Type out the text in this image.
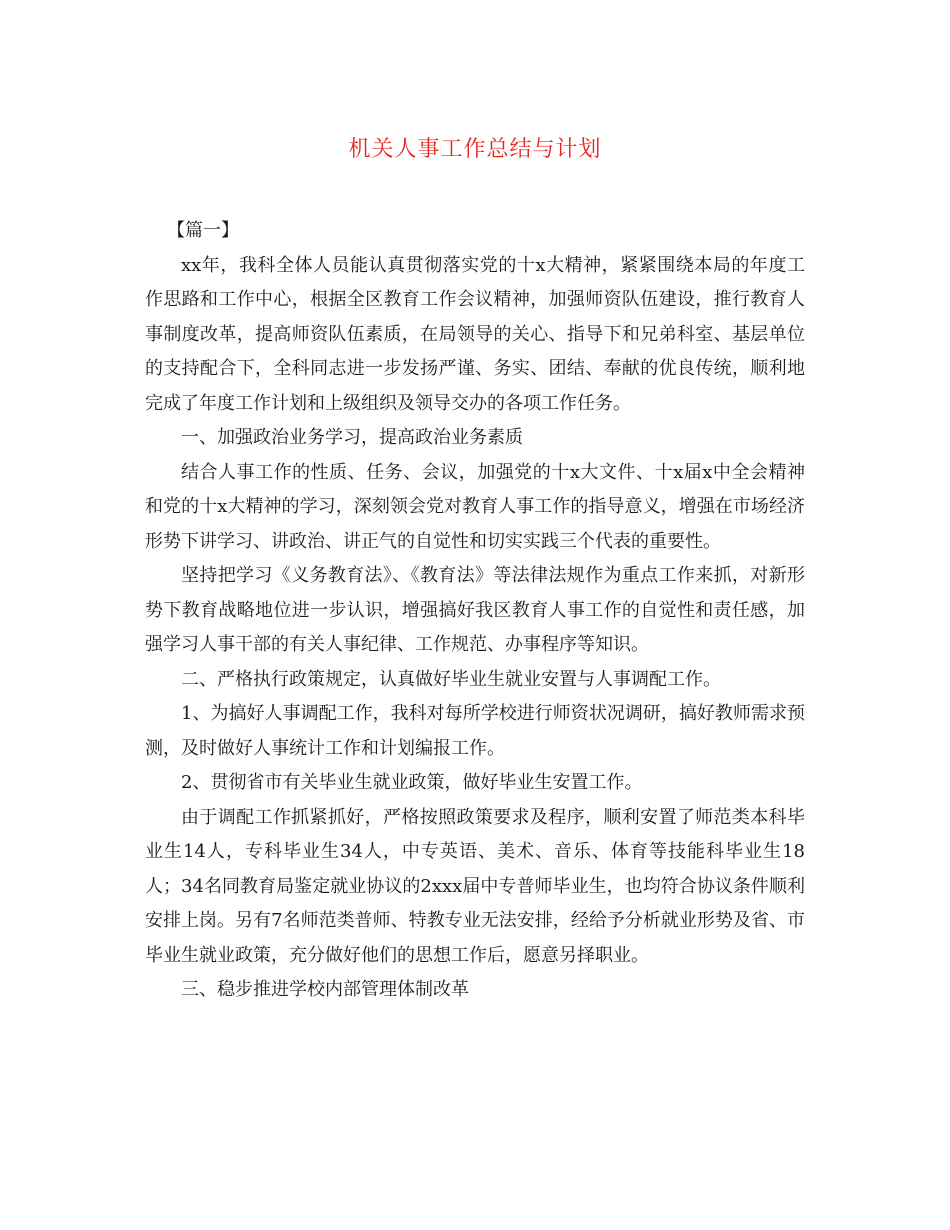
机关人事工作总结与计划

【篇一】

xx年，我科全体人员能认真贯彻落实党的十x大精神，紧紧围绕本局的年度工作思路和工作中心，根据全区教育工作会议精神，加强师资队伍建设，推行教育人事制度改革，提高师资队伍素质，在局领导的关心、指导下和兄弟科室、基层单位的支持配合下，全科同志进一步发扬严谨、务实、团结、奉献的优良传统，顺利地完成了年度工作计划和上级组织及领导交办的各项工作任务。

一、加强政治业务学习，提高政治业务素质

结合人事工作的性质、任务、会议，加强党的十x大文件、十x届x中全会精神和党的十x大精神的学习，深刻领会党对教育人事工作的指导意义，增强在市场经济形势下讲学习、讲政治、讲正气的自觉性和切实实践三个代表的重要性。

坚持把学习《义务教育法》、《教育法》等法律法规作为重点工作来抓，对新形势下教育战略地位进一步认识，增强搞好我区教育人事工作的自觉性和责任感，加强学习人事干部的有关人事纪律、工作规范、办事程序等知识。

二、严格执行政策规定，认真做好毕业生就业安置与人事调配工作。

1、为搞好人事调配工作，我科对每所学校进行师资状况调研，搞好教师需求预测，及时做好人事统计工作和计划编报工作。

2、贯彻省市有关毕业生就业政策，做好毕业生安置工作。

由于调配工作抓紧抓好，严格按照政策要求及程序，顺利安置了师范类本科毕业生14人，专科毕业生34人，中专英语、美术、音乐、体育等技能科毕业生18人；34名同教育局鉴定就业协议的2xxx届中专普师毕业生，也均符合协议条件顺利安排上岗。另有7名师范类普师、特教专业无法安排，经给予分析就业形势及省、市毕业生就业政策，充分做好他们的思想工作后，愿意另择职业。

三、稳步推进学校内部管理体制改革
